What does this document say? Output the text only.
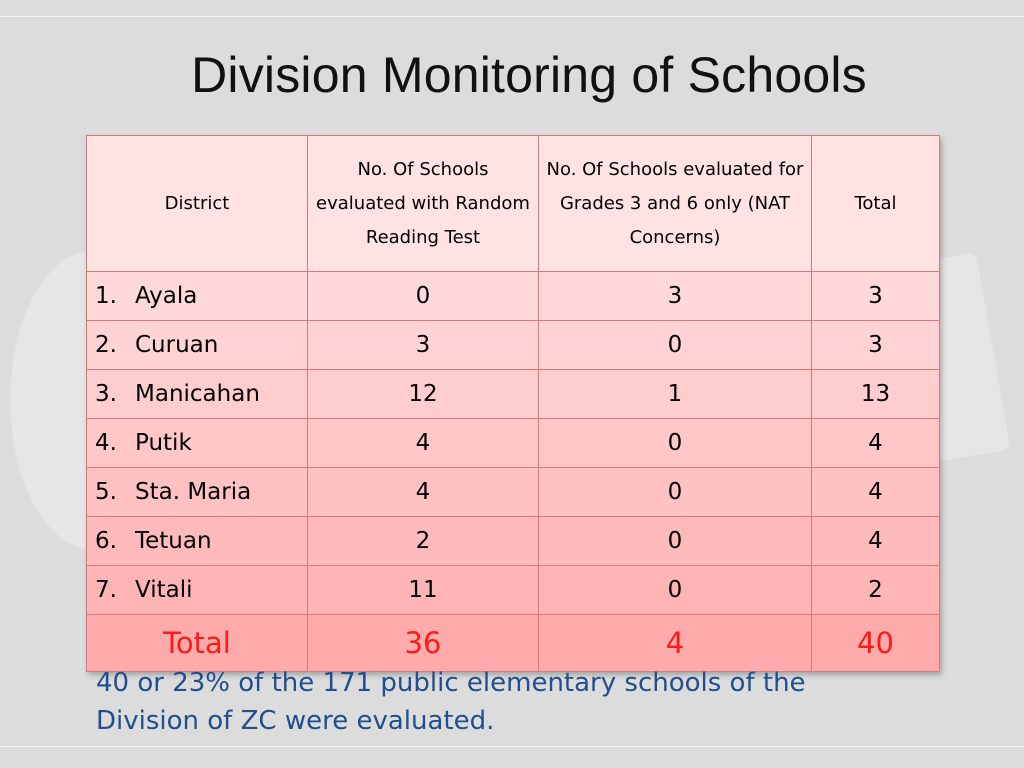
Division Monitoring of Schools
District	No. Of Schools evaluated with Random Reading Test	No. Of Schools evaluated for Grades 3 and 6 only (NAT Concerns)	Total
1. Ayala	0	3	3
2. Curuan	3	0	3
3. Manicahan	12	1	13
4. Putik	4	0	4
5. Sta. Maria	4	0	4
6. Tetuan	2	0	4
7. Vitali	11	0	2
Total	36	4	40

40 or 23% of the 171 public elementary schools of the Division of ZC were evaluated.
